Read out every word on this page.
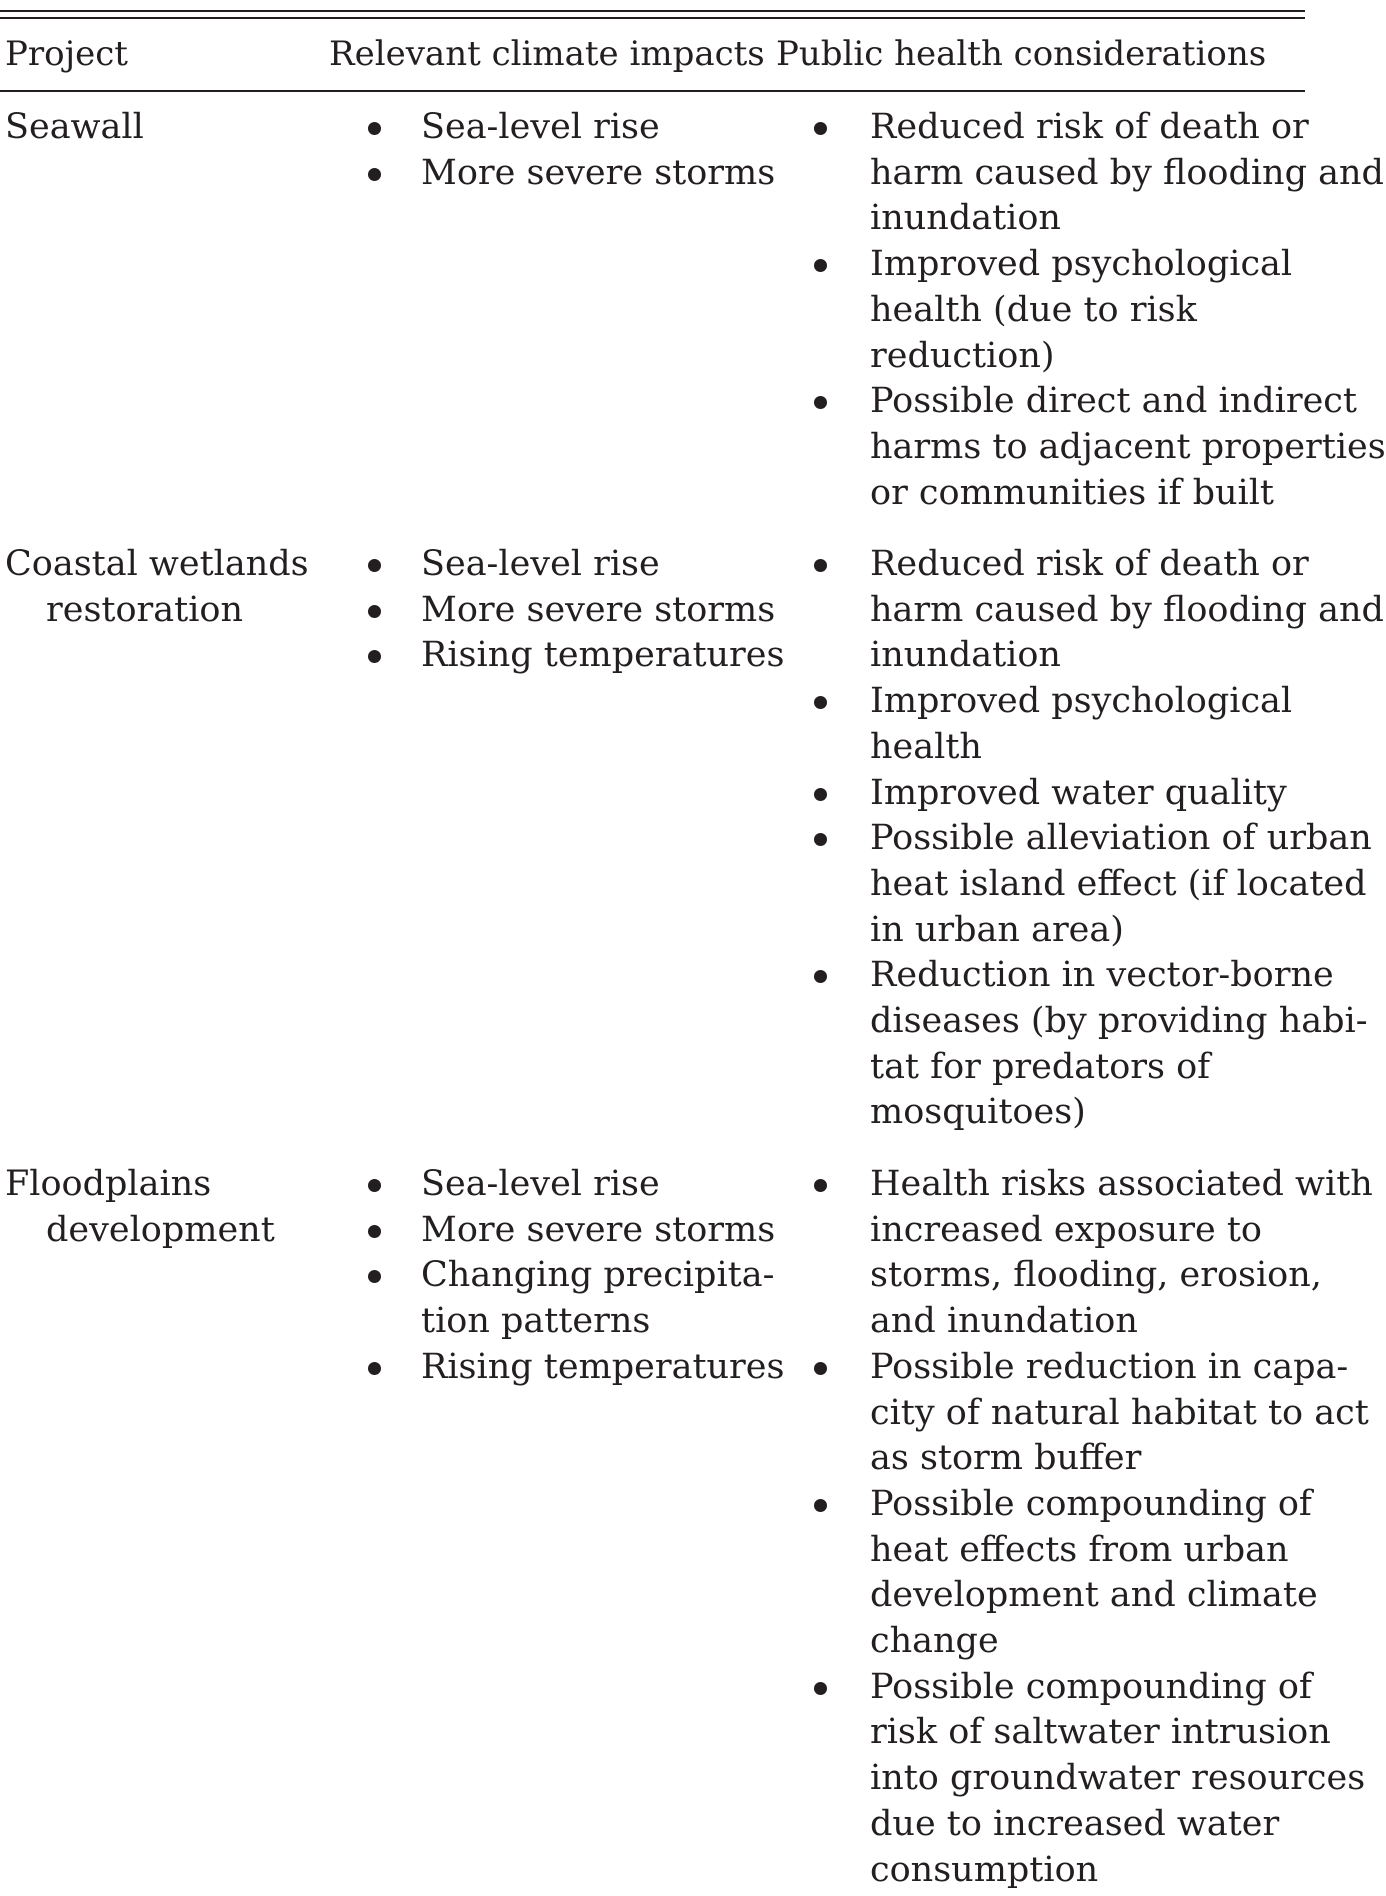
Project	Relevant climate impacts Public health considerations
Seawall	Sea-level rise
More severe storms
Reduced risk of death or
harm caused by flooding and
inundation
Improved psychological
health (due to risk
reduction)
Possible direct and indirect
harms to adjacent properties
or communities if built
Coastal wetlands
restoration
Sea-level rise
More severe storms
Rising temperatures
Reduced risk of death or
harm caused by flooding and
inundation
Improved psychological
health
Improved water quality
Possible alleviation of urban
heat island effect (if located
in urban area)
Reduction in vector-borne
diseases (by providing habi-
tat for predators of
mosquitoes)
Floodplains
development
Sea-level rise
More severe storms
Changing precipita-
tion patterns
Rising temperatures
Health risks associated with
increased exposure to
storms, flooding, erosion,
and inundation
Possible reduction in capa-
city of natural habitat to act
as storm buffer
Possible compounding of
heat effects from urban
development and climate
change
Possible compounding of
risk of saltwater intrusion
into groundwater resources
due to increased water
consumption
